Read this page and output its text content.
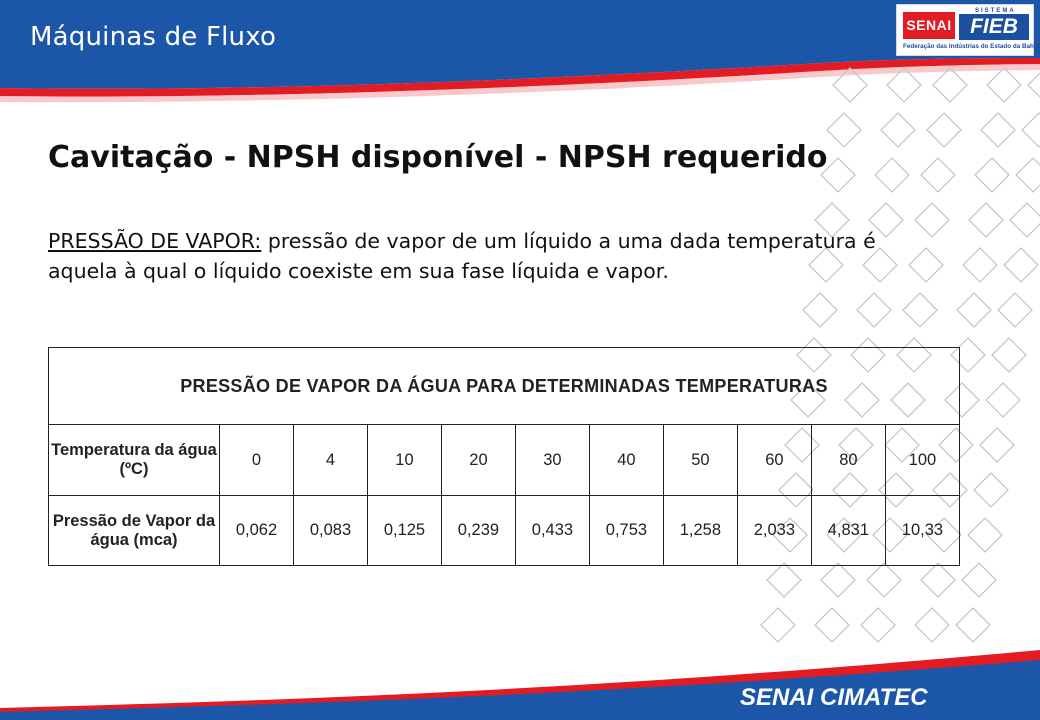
Máquinas de Fluxo	SENAI
SISTEMA
FIEB
Federação das Indústrias do Estado da Bahia
Cavitação - NPSH disponível - NPSH requerido
PRESSÃO DE VAPOR: pressão de vapor de um líquido a uma dada temperatura é aquela à qual o líquido coexiste em sua fase líquida e vapor.
PRESSÃO DE VAPOR DA ÁGUA PARA DETERMINADAS TEMPERATURAS										
Temperatura da água (ºC)	0	4	10	20	30	40	50	60	80	100
Pressão de Vapor da água (mca)	0,062	0,083	0,125	0,239	0,433	0,753	1,258	2,033	4,831	10,33
SENAI CIMATEC
